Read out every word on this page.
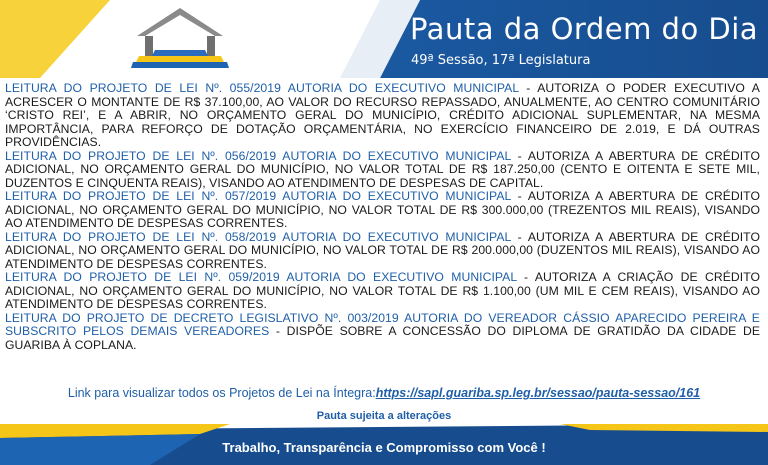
Pauta da Ordem do Dia
49ª Sessão, 17ª Legislatura
LEITURA DO PROJETO DE LEI Nº. 055/2019 AUTORIA DO EXECUTIVO MUNICIPAL - AUTORIZA O PODER EXECUTIVO A ACRESCER O MONTANTE DE R$ 37.100,00, AO VALOR DO RECURSO REPASSADO, ANUALMENTE, AO CENTRO COMUNITÁRIO ‘CRISTO REI’, E A ABRIR, NO ORÇAMENTO GERAL DO MUNICÍPIO, CRÉDITO ADICIONAL SUPLEMENTAR, NA MESMA IMPORTÂNCIA, PARA REFORÇO DE DOTAÇÃO ORÇAMENTÁRIA, NO EXERCÍCIO FINANCEIRO DE 2.019, E DÁ OUTRAS PROVIDÊNCIAS.
LEITURA DO PROJETO DE LEI Nº. 056/2019 AUTORIA DO EXECUTIVO MUNICIPAL - AUTORIZA A ABERTURA DE CRÉDITO ADICIONAL, NO ORÇAMENTO GERAL DO MUNICÍPIO, NO VALOR TOTAL DE R$ 187.250,00 (CENTO E OITENTA E SETE MIL, DUZENTOS E CINQUENTA REAIS), VISANDO AO ATENDIMENTO DE DESPESAS DE CAPITAL.
LEITURA DO PROJETO DE LEI Nº. 057/2019 AUTORIA DO EXECUTIVO MUNICIPAL - AUTORIZA A ABERTURA DE CRÉDITO ADICIONAL, NO ORÇAMENTO GERAL DO MUNICÍPIO, NO VALOR TOTAL DE R$ 300.000,00 (TREZENTOS MIL REAIS), VISANDO AO ATENDIMENTO DE DESPESAS CORRENTES.
LEITURA DO PROJETO DE LEI Nº. 058/2019 AUTORIA DO EXECUTIVO MUNICIPAL - AUTORIZA A ABERTURA DE CRÉDITO ADICIONAL, NO ORÇAMENTO GERAL DO MUNICÍPIO, NO VALOR TOTAL DE R$ 200.000,00 (DUZENTOS MIL REAIS), VISANDO AO ATENDIMENTO DE DESPESAS CORRENTES.
LEITURA DO PROJETO DE LEI Nº. 059/2019 AUTORIA DO EXECUTIVO MUNICIPAL - AUTORIZA A CRIAÇÃO DE CRÉDITO ADICIONAL, NO ORÇAMENTO GERAL DO MUNICÍPIO, NO VALOR TOTAL DE R$ 1.100,00 (UM MIL E CEM REAIS), VISANDO AO ATENDIMENTO DE DESPESAS CORRENTES.
LEITURA DO PROJETO DE DECRETO LEGISLATIVO Nº. 003/2019 AUTORIA DO VEREADOR CÁSSIO APARECIDO PEREIRA E SUBSCRITO PELOS DEMAIS VEREADORES - DISPÕE SOBRE A CONCESSÃO DO DIPLOMA DE GRATIDÃO DA CIDADE DE GUARIBA À COPLANA.
Link para visualizar todos os Projetos de Lei na Íntegra:https://sapl.guariba.sp.leg.br/sessao/pauta-sessao/161
Pauta sujeita a alterações
Trabalho, Transparência e Compromisso com Você !
